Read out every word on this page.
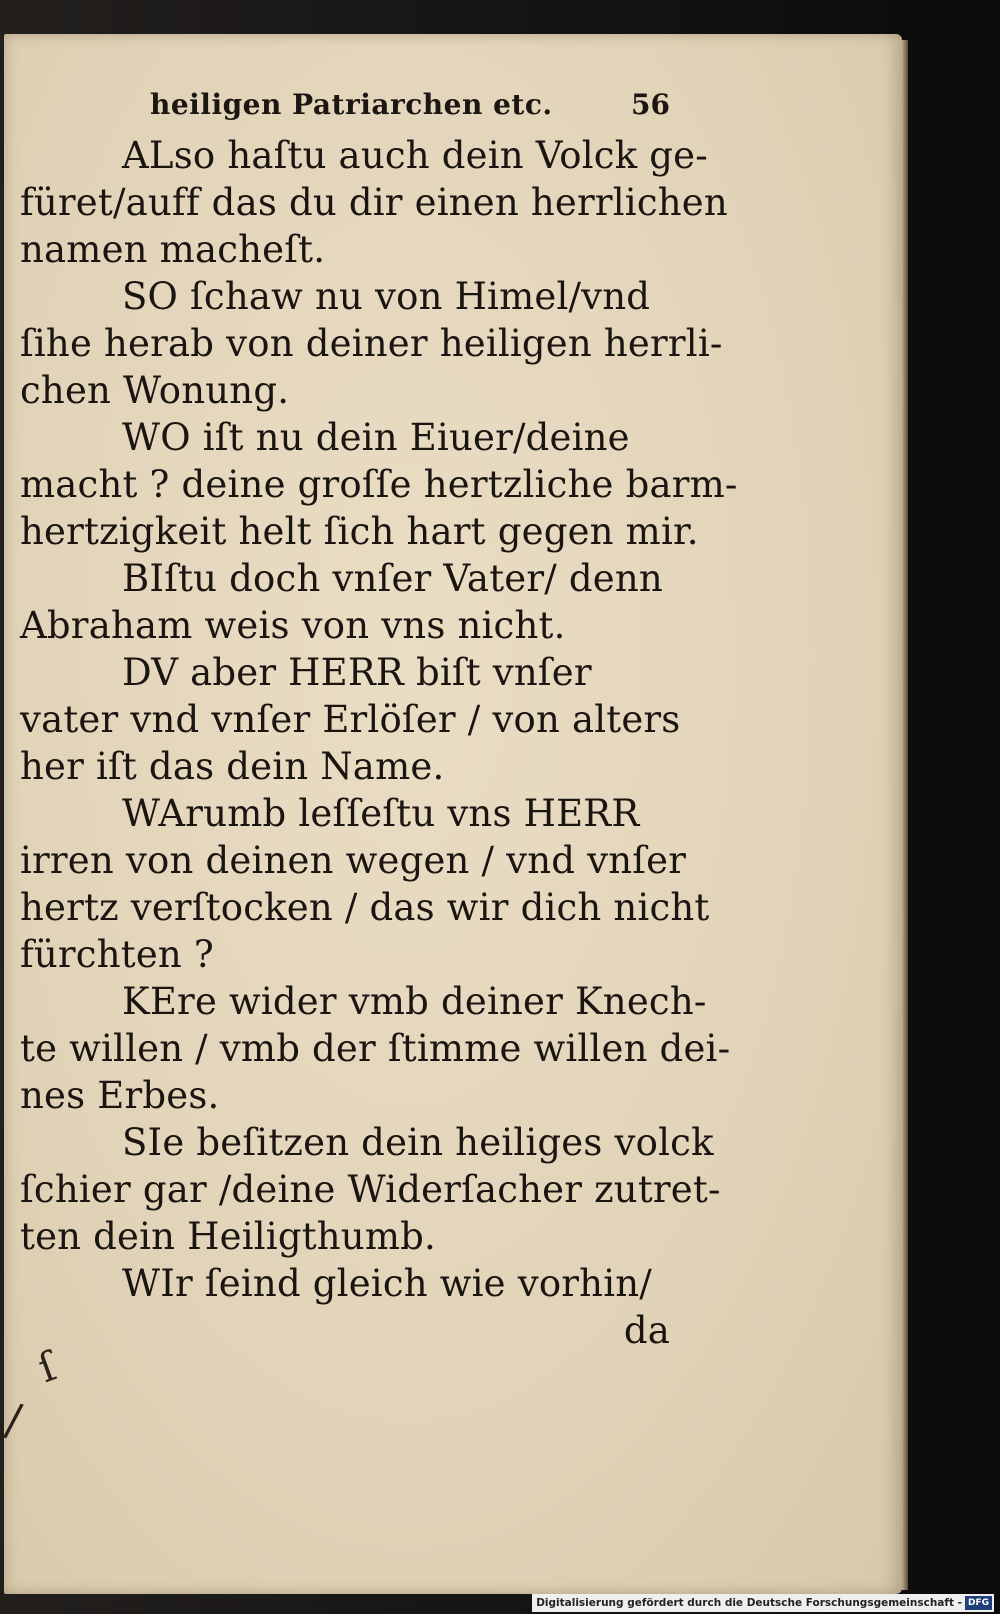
heiligen Patriarchen etc.	56
ALso haſtu auch dein Volck ge-
füret/auff das du dir einen herrlichen
namen macheſt.
SO ſchaw nu von Himel/vnd
ſihe herab von deiner heiligen herrli-
chen Wonung.
WO iſt nu dein Eiuer/deine
macht ? deine groſſe hertzliche barm-
hertzigkeit helt ſich hart gegen mir.
BIſtu doch vnſer Vater/ denn
Abraham weis von vns nicht.
DV aber HERR biſt vnſer
vater vnd vnſer Erlöſer / von alters
her iſt das dein Name.
WArumb leſſeſtu vns HERR
irren von deinen wegen / vnd vnſer
hertz verſtocken / das wir dich nicht
fürchten ?
KEre wider vmb deiner Knech-
te willen / vmb der ſtimme willen dei-
nes Erbes.
SIe beſitzen dein heiliges volck
ſchier gar /deine Widerſacher zutret-
ten dein Heiligthumb.
WIr ſeind gleich wie vorhin/
da
ſ
/
Digitalisierung gefördert durch die Deutsche Forschungsgemeinschaft - DFG
